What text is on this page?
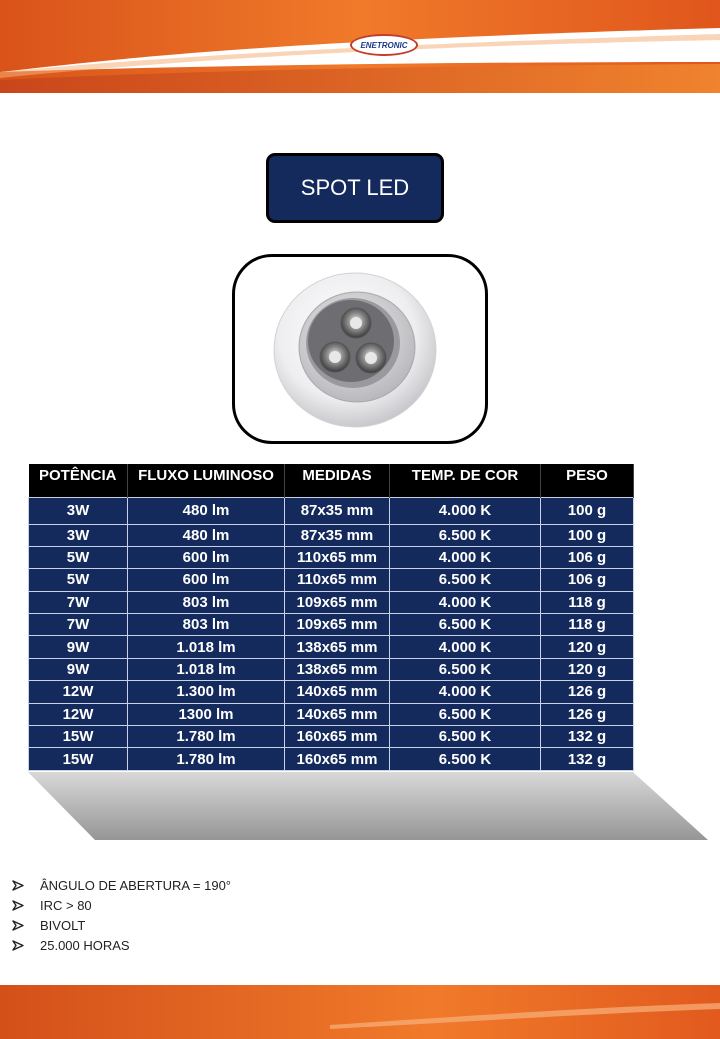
ENETRONIC
SPOT LED
POTÊNCIA	FLUXO LUMINOSO	MEDIDAS	TEMP. DE COR	PESO
3W	480 lm	87x35 mm	4.000 K	100 g
3W	480 lm	87x35 mm	6.500 K	100 g
5W	600 lm	110x65 mm	4.000 K	106 g
5W	600 lm	110x65 mm	6.500 K	106 g
7W	803 lm	109x65 mm	4.000 K	118 g
7W	803 lm	109x65 mm	6.500 K	118 g
9W	1.018 lm	138x65 mm	4.000 K	120 g
9W	1.018 lm	138x65 mm	6.500 K	120 g
12W	1.300 lm	140x65 mm	4.000 K	126 g
12W	1300 lm	140x65 mm	6.500 K	126 g
15W	1.780 lm	160x65 mm	6.500 K	132 g
15W	1.780 lm	160x65 mm	6.500 K	132 g
ÂNGULO DE ABERTURA = 190°
IRC > 80
BIVOLT
25.000 HORAS
